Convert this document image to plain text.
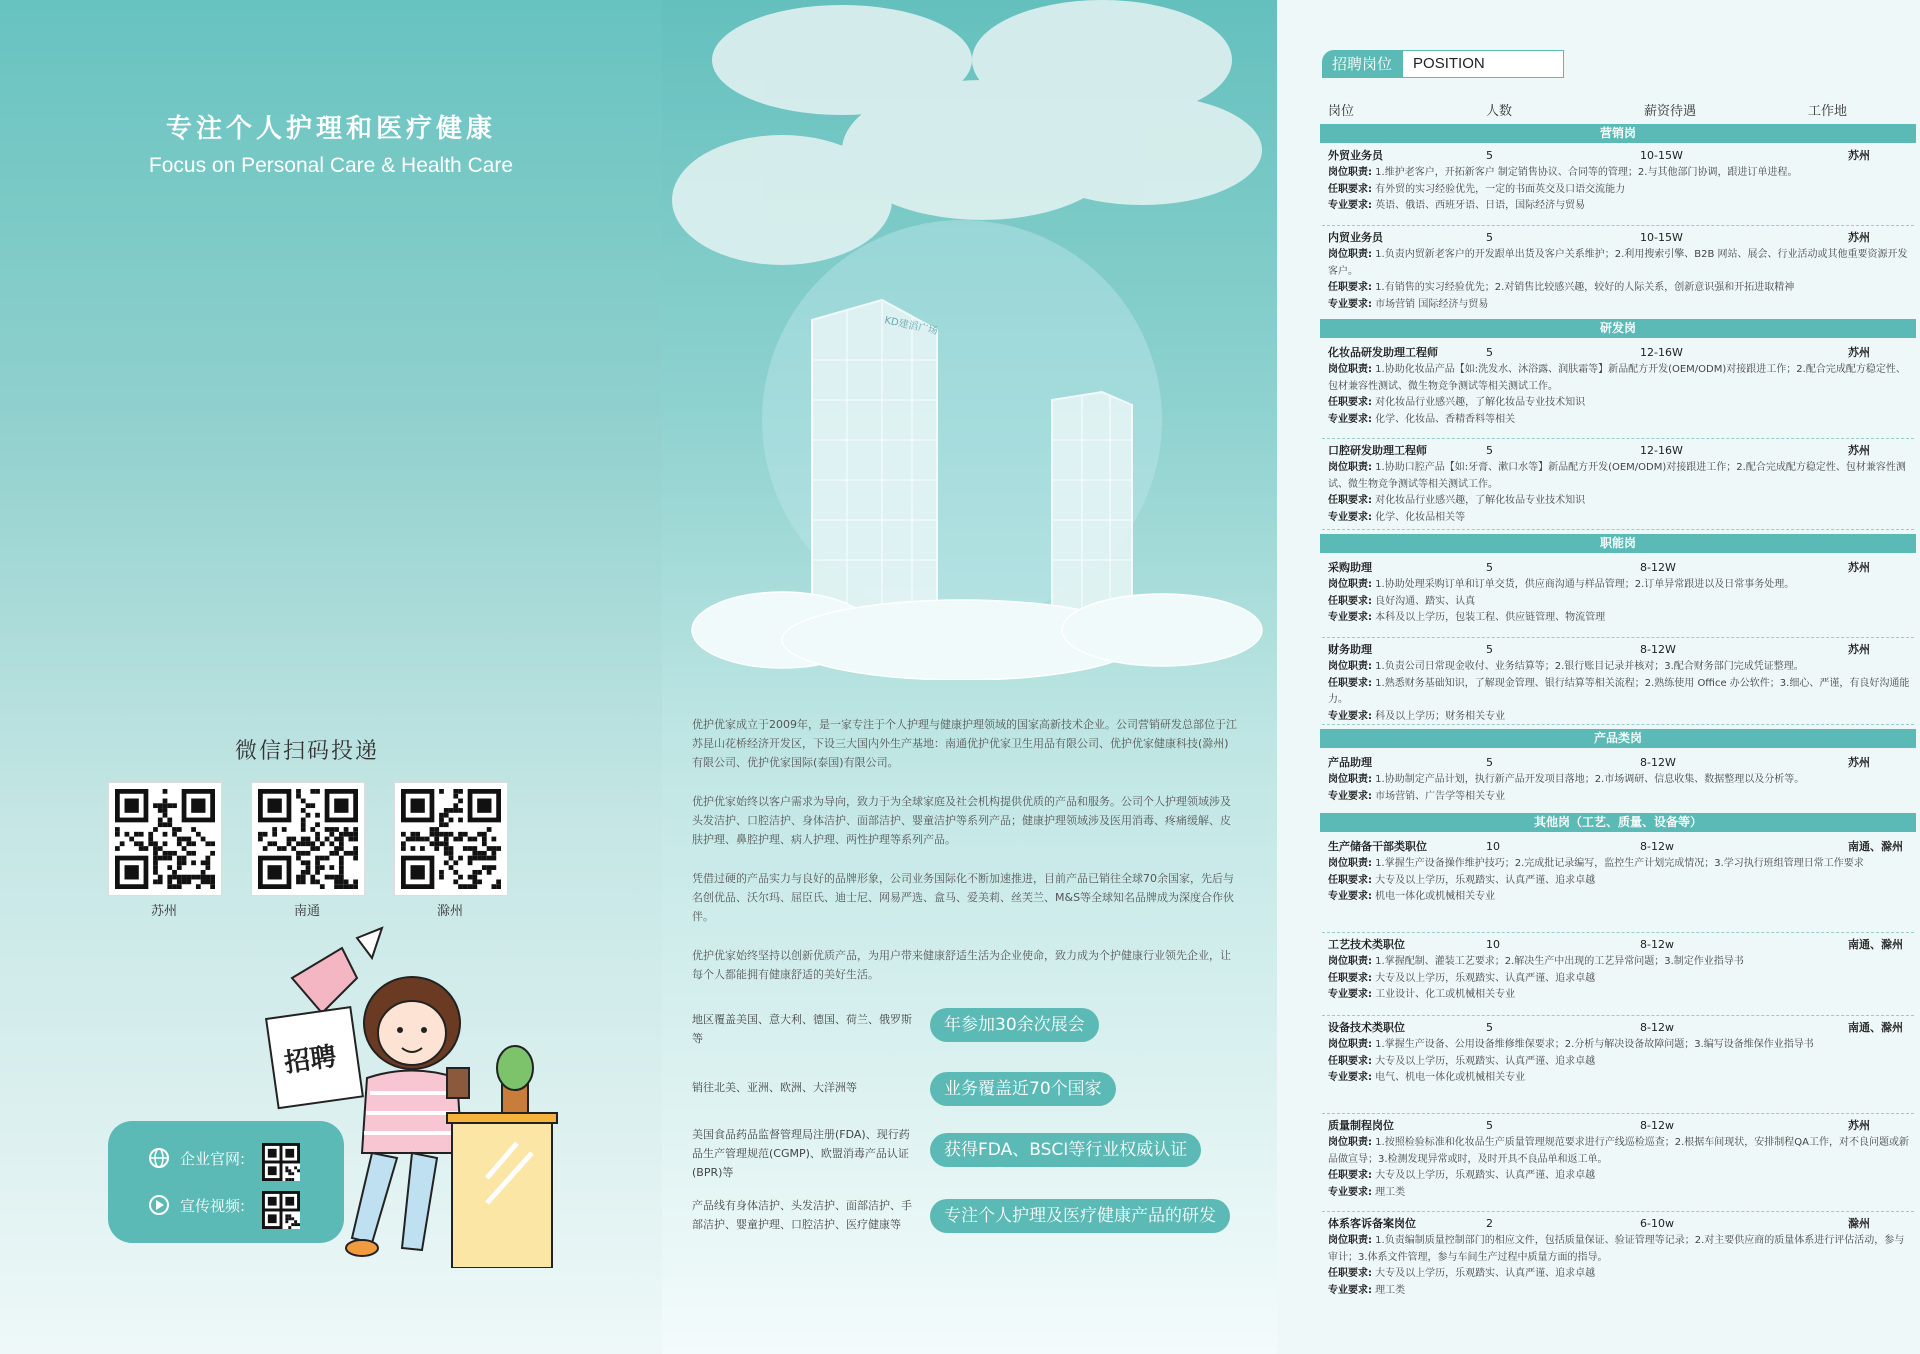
专注个人护理和医疗健康
Focus on Personal Care & Health Care
微信扫码投递
苏州	南通	滁州
招聘
企业官网:
宣传视频:
KD建滔广场
优护优家成立于2009年，是一家专注于个人护理与健康护理领域的国家高新技术企业。公司营销研发总部位于江苏昆山花桥经济开发区，下设三大国内外生产基地：南通优护优家卫生用品有限公司、优护优家健康科技(滁州)有限公司、优护优家国际(泰国)有限公司。
优护优家始终以客户需求为导向，致力于为全球家庭及社会机构提供优质的产品和服务。公司个人护理领域涉及头发洁护、口腔洁护、身体洁护、面部洁护、婴童洁护等系列产品；健康护理领域涉及医用消毒、疼痛缓解、皮肤护理、鼻腔护理、病人护理、两性护理等系列产品。
凭借过硬的产品实力与良好的品牌形象，公司业务国际化不断加速推进，目前产品已销往全球70余国家，先后与名创优品、沃尔玛、屈臣氏、迪士尼、网易严选、盒马、爱美莉、丝芙兰、M&S等全球知名品牌成为深度合作伙伴。
优护优家始终坚持以创新优质产品，为用户带来健康舒适生活为企业使命，致力成为个护健康行业领先企业，让每个人都能拥有健康舒适的美好生活。
地区覆盖美国、意大利、德国、荷兰、俄罗斯等
年参加30余次展会
销往北美、亚洲、欧洲、大洋洲等	业务覆盖近70个国家
美国食品药品监督管理局注册(FDA)、现行药品生产管理规范(CGMP)、欧盟消毒产品认证(BPR)等
获得FDA、BSCI等行业权威认证
产品线有身体洁护、头发洁护、面部洁护、手部洁护、婴童护理、口腔洁护、医疗健康等	专注个人护理及医疗健康产品的研发
招聘岗位	POSITION
岗位	人数	薪资待遇	工作地
营销岗
外贸业务员	5	10-15W	苏州
岗位职责: 1.维护老客户，开拓新客户 制定销售协议、合同等的管理；2.与其他部门协调，跟进订单进程。
任职要求: 有外贸的实习经验优先，一定的书面英交及口语交流能力
专业要求: 英语、俄语、西班牙语、日语，国际经济与贸易
内贸业务员	5	10-15W	苏州
岗位职责: 1.负责内贸新老客户的开发跟单出货及客户关系维护；2.利用搜索引擎、B2B 网站、展会、行业活动或其他重要资源开发客户。
任职要求: 1.有销售的实习经验优先；2.对销售比较感兴趣，较好的人际关系，创新意识强和开拓进取精神
专业要求: 市场营销 国际经济与贸易
研发岗
化妆品研发助理工程师	5	12-16W	苏州
岗位职责: 1.协助化妆品产品【如:洗发水、沐浴露、润肤霜等】新品配方开发(OEM/ODM)对接跟进工作；2.配合完成配方稳定性、包材兼容性测试、微生物竞争测试等相关测试工作。
任职要求: 对化妆品行业感兴趣，了解化妆品专业技术知识
专业要求: 化学、化妆品、香精香料等相关
口腔研发助理工程师	5	12-16W	苏州
岗位职责: 1.协助口腔产品【如:牙膏、漱口水等】新品配方开发(OEM/ODM)对接跟进工作；2.配合完成配方稳定性、包材兼容性测试、微生物竞争测试等相关测试工作。
任职要求: 对化妆品行业感兴趣，了解化妆品专业技术知识
专业要求: 化学、化妆品相关等
职能岗
采购助理	5	8-12W	苏州
岗位职责: 1.协助处理采购订单和订单交货，供应商沟通与样品管理；2.订单异常跟进以及日常事务处理。
任职要求: 良好沟通、踏实、认真
专业要求: 本科及以上学历，包装工程、供应链管理、物流管理
财务助理	5	8-12W	苏州
岗位职责: 1.负责公司日常现金收付、业务结算等；2.银行账目记录并核对；3.配合财务部门完成凭证整理。
任职要求: 1.熟悉财务基础知识，了解现金管理、银行结算等相关流程；2.熟练使用 Office 办公软件；3.细心、严谨，有良好沟通能力。
专业要求: 科及以上学历；财务相关专业
产品类岗
产品助理	5	8-12W	苏州
岗位职责: 1.协助制定产品计划，执行新产品开发项目落地；2.市场调研、信息收集、数据整理以及分析等。
专业要求: 市场营销、广告学等相关专业
其他岗（工艺、质量、设备等）
生产储备干部类职位	10	8-12w	南通、滁州
岗位职责: 1.掌握生产设备操作维护技巧；2.完成批记录编写，监控生产计划完成情况；3.学习执行班组管理日常工作要求
任职要求: 大专及以上学历，乐观踏实、认真严谨、追求卓越
专业要求: 机电一体化或机械相关专业
工艺技术类职位	10	8-12w	南通、滁州
岗位职责: 1.掌握配制、灌装工艺要求；2.解决生产中出现的工艺异常问题；3.制定作业指导书
任职要求: 大专及以上学历，乐观踏实、认真严谨、追求卓越
专业要求: 工业设计、化工或机械相关专业
设备技术类职位	5	8-12w	南通、滁州
岗位职责: 1.掌握生产设备、公用设备维修维保要求；2.分析与解决设备故障问题；3.编写设备维保作业指导书
任职要求: 大专及以上学历，乐观踏实、认真严谨、追求卓越
专业要求: 电气、机电一体化或机械相关专业
质量制程岗位	5	8-12w	苏州
岗位职责: 1.按照检验标准和化妆品生产质量管理规范要求进行产线巡检巡查；2.根据车间现状，安排制程QA工作，对不良问题或新品做宣导；3.检测发现异常或时，及时开具不良品单和返工单。
任职要求: 大专及以上学历，乐观踏实、认真严谨、追求卓越
专业要求: 理工类
体系客诉备案岗位	2	6-10w	滁州
岗位职责: 1.负责编制质量控制部门的相应文件，包括质量保证、验证管理等记录；2.对主要供应商的质量体系进行评估活动，参与审计；3.体系文件管理，参与车间生产过程中质量方面的指导。
任职要求: 大专及以上学历，乐观踏实、认真严谨、追求卓越
专业要求: 理工类
